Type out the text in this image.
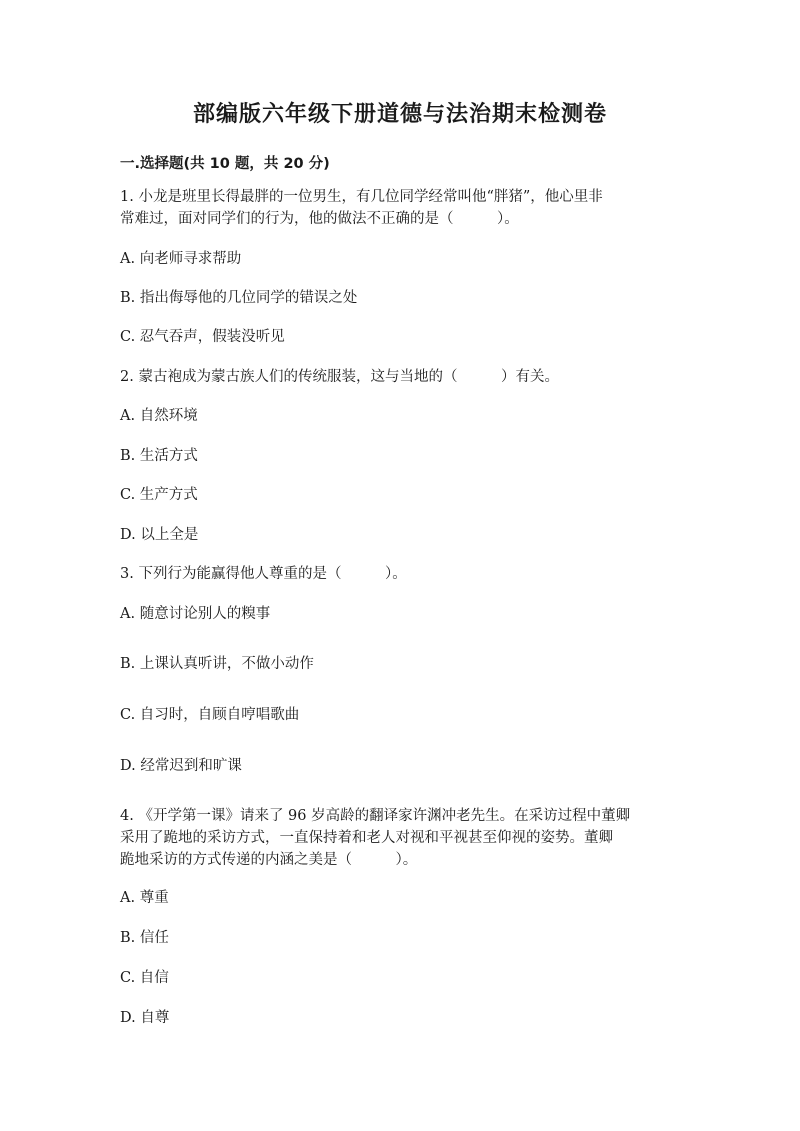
部编版六年级下册道德与法治期末检测卷
一.选择题(共 10 题，共 20 分)
1. 小龙是班里长得最胖的一位男生，有几位同学经常叫他“胖猪”，他心里非
常难过，面对同学们的行为，他的做法不正确的是（　　　）。
A. 向老师寻求帮助
B. 指出侮辱他的几位同学的错误之处
C. 忍气吞声，假装没听见
2. 蒙古袍成为蒙古族人们的传统服装，这与当地的（　　　）有关。
A. 自然环境
B. 生活方式
C. 生产方式
D. 以上全是
3. 下列行为能赢得他人尊重的是（　　　）。
A. 随意讨论别人的糗事
B. 上课认真听讲，不做小动作
C. 自习时，自顾自哼唱歌曲
D. 经常迟到和旷课
4. 《开学第一课》请来了 96 岁高龄的翻译家许渊冲老先生。在采访过程中董卿
采用了跪地的采访方式，一直保持着和老人对视和平视甚至仰视的姿势。董卿
跪地采访的方式传递的内涵之美是（　　　）。
A. 尊重
B. 信任
C. 自信
D. 自尊
